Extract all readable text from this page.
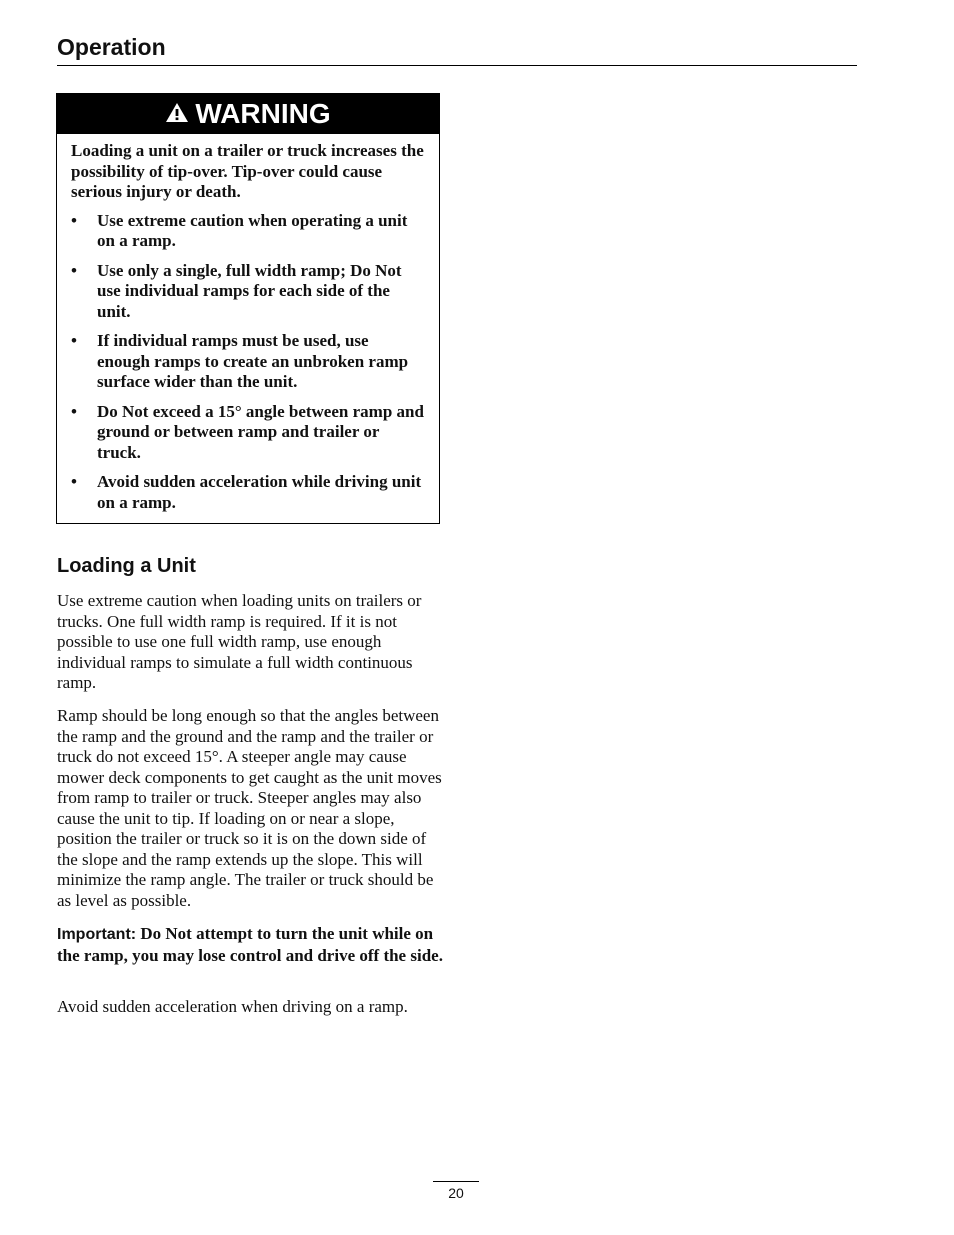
Operation
WARNING

Loading a unit on a trailer or truck increases the possibility of tip-over. Tip-over could cause serious injury or death.

• Use extreme caution when operating a unit on a ramp.
• Use only a single, full width ramp; Do Not use individual ramps for each side of the unit.
• If individual ramps must be used, use enough ramps to create an unbroken ramp surface wider than the unit.
• Do Not exceed a 15° angle between ramp and ground or between ramp and trailer or truck.
• Avoid sudden acceleration while driving unit on a ramp.
Loading a Unit

Use extreme caution when loading units on trailers or trucks. One full width ramp is required. If it is not possible to use one full width ramp, use enough individual ramps to simulate a full width continuous ramp.

Ramp should be long enough so that the angles between the ramp and the ground and the ramp and the trailer or truck do not exceed 15°. A steeper angle may cause mower deck components to get caught as the unit moves from ramp to trailer or truck. Steeper angles may also cause the unit to tip. If loading on or near a slope, position the trailer or truck so it is on the down side of the slope and the ramp extends up the slope. This will minimize the ramp angle. The trailer or truck should be as level as possible.

Important: Do Not attempt to turn the unit while on the ramp, you may lose control and drive off the side.

Avoid sudden acceleration when driving on a ramp.

20
